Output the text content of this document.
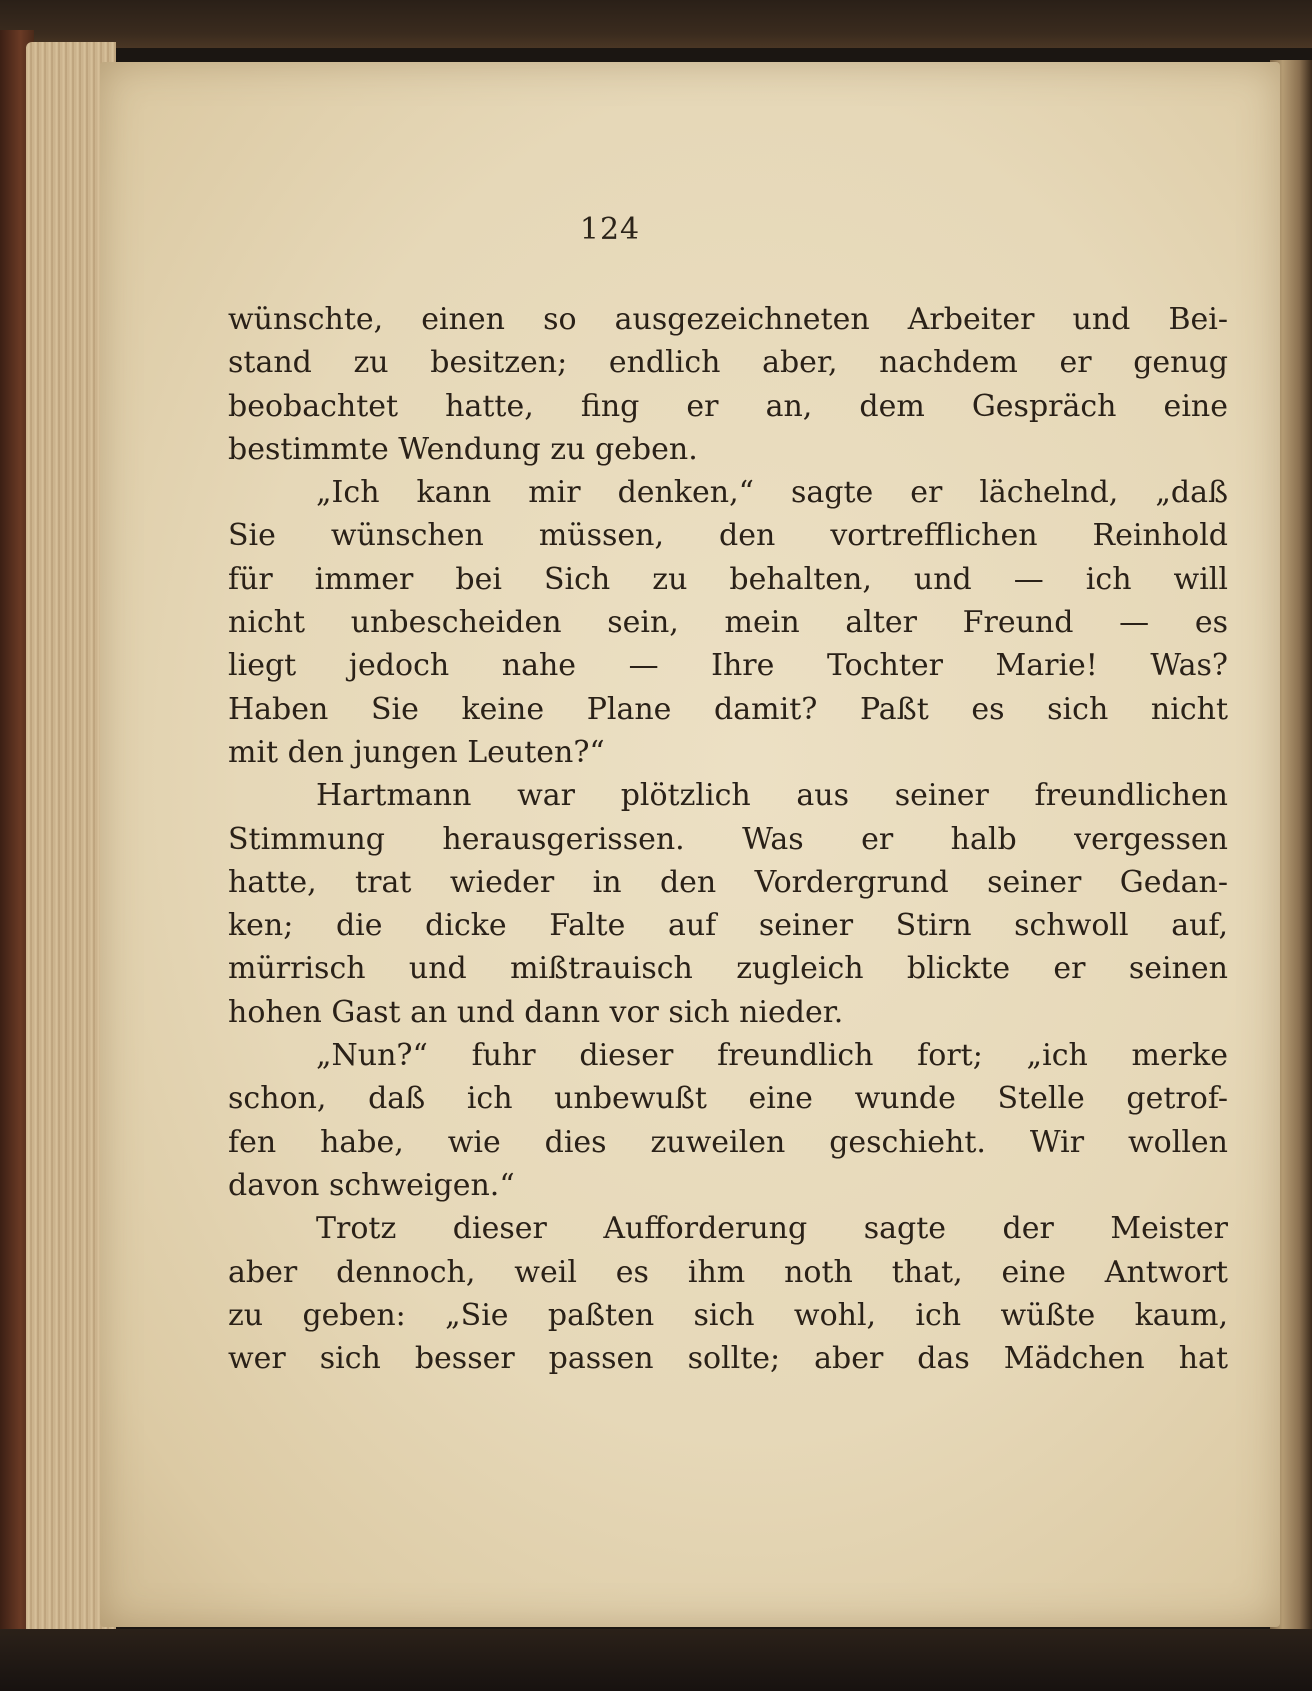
124
wünschte, einen so ausgezeichneten Arbeiter und Bei-
stand zu besitzen; endlich aber, nachdem er genug
beobachtet hatte, fing er an, dem Gespräch eine
bestimmte Wendung zu geben.
„Ich kann mir denken,“ sagte er lächelnd, „daß
Sie wünschen müssen, den vortrefflichen Reinhold
für immer bei Sich zu behalten, und — ich will
nicht unbescheiden sein, mein alter Freund — es
liegt jedoch nahe — Ihre Tochter Marie! Was?
Haben Sie keine Plane damit? Paßt es sich nicht
mit den jungen Leuten?“
Hartmann war plötzlich aus seiner freundlichen
Stimmung herausgerissen. Was er halb vergessen
hatte, trat wieder in den Vordergrund seiner Gedan-
ken; die dicke Falte auf seiner Stirn schwoll auf,
mürrisch und mißtrauisch zugleich blickte er seinen
hohen Gast an und dann vor sich nieder.
„Nun?“ fuhr dieser freundlich fort; „ich merke
schon, daß ich unbewußt eine wunde Stelle getrof-
fen habe, wie dies zuweilen geschieht. Wir wollen
davon schweigen.“
Trotz dieser Aufforderung sagte der Meister
aber dennoch, weil es ihm noth that, eine Antwort
zu geben: „Sie paßten sich wohl, ich wüßte kaum,
wer sich besser passen sollte; aber das Mädchen hat
